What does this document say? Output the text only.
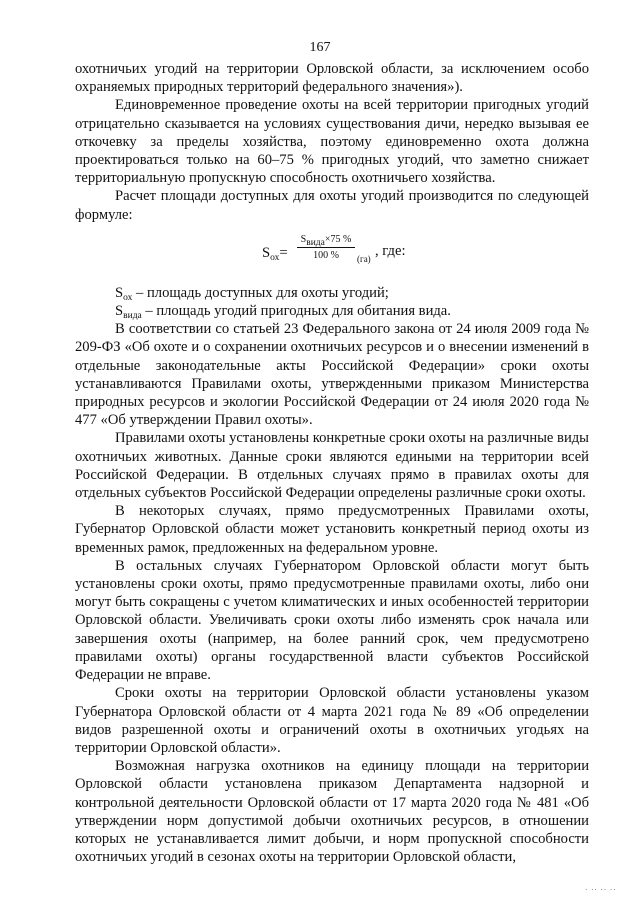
167

охотничьих угодий на территории Орловской области, за исключением особо охраняемых природных территорий федерального значения»).

Единовременное проведение охоты на всей территории пригодных угодий отрицательно сказывается на условиях существования дичи, нередко вызывая ее откочевку за пределы хозяйства, поэтому единовременно охота должна проектироваться только на 60–75 % пригодных угодий, что заметно снижает территориальную пропускную способность охотничьего хозяйства.

Расчет площади доступных для охоты угодий производится по следующей формуле:

$S_{ох}=$
$S_{вида}\times 75$ %
100 %	(га) , где:

$S_{ох}$ – площадь доступных для охоты угодий;

$S_{вида}$ – площадь угодий пригодных для обитания вида.

В соответствии со статьей 23 Федерального закона от 24 июля 2009 года № 209-ФЗ «Об охоте и о сохранении охотничьих ресурсов и о внесении изменений в отдельные законодательные акты Российской Федерации» сроки охоты устанавливаются Правилами охоты, утвержденными приказом Министерства природных ресурсов и экологии Российской Федерации от 24 июля 2020 года № 477 «Об утверждении Правил охоты».

Правилами охоты установлены конкретные сроки охоты на различные виды охотничьих животных. Данные сроки являются едиными на территории всей Российской Федерации. В отдельных случаях прямо в правилах охоты для отдельных субъектов Российской Федерации определены различные сроки охоты.

В некоторых случаях, прямо предусмотренных Правилами охоты, Губернатор Орловской области может установить конкретный период охоты из временных рамок, предложенных на федеральном уровне.

В остальных случаях Губернатором Орловской области могут быть установлены сроки охоты, прямо предусмотренные правилами охоты, либо они могут быть сокращены с учетом климатических и иных особенностей территории Орловской области. Увеличивать сроки охоты либо изменять срок начала или завершения охоты (например, на более ранний срок, чем предусмотрено правилами охоты) органы государственной власти субъектов Российской Федерации не вправе.

Сроки охоты на территории Орловской области установлены указом Губернатора Орловской области от 4 марта 2021 года № 89 «Об определении видов разрешенной охоты и ограничений охоты в охотничьих угодьях на территории Орловской области».

Возможная нагрузка охотников на единицу площади на территории Орловской области установлена приказом Департамента надзорной и контрольной деятельности Орловской области от 17 марта 2020 года № 481 «Об утверждении норм допустимой добычи охотничьих ресурсов, в отношении которых не устанавливается лимит добычи, и норм пропускной способности охотничьих угодий в сезонах охоты на территории Орловской области,

· ·· ·· ··
